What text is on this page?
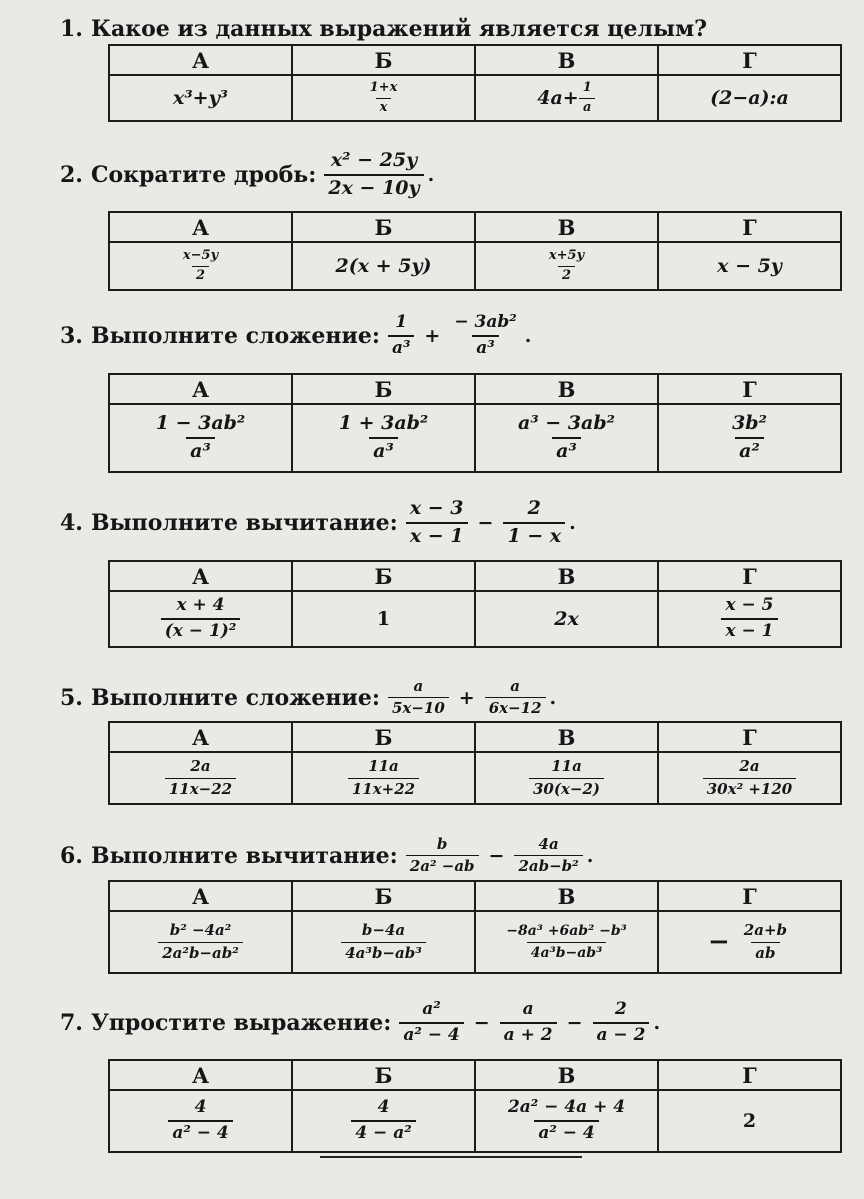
1. Какое из данных выражений является целым?
А	Б	В	Г
x³+y³	$\frac{1+x}{x}$	$4a+ \frac{1}{a}$	(2−a):a
2. Сократите дробь: $\frac{\text{x² − 25y}}{2x - 10y}$ .
А	Б	В	Г

$\frac{x-5y}{2}$	2(x + 5y)	$\frac{x+5y}{2}$	x − 5y
3. Выполните сложение: $\frac{1}{\text{a³}} + \frac{\text{− 3ab²}}{\text{a³}}$ .
А	Б	В	Г

$\frac{\text{1 − 3ab²}}{\text{a³}}$	$\frac{\text{1 + 3ab²}}{\text{a³}}$	$\frac{\text{a³ − 3ab²}}{\text{a³}}$	$\frac{\text{3b²}}{\text{a²}}$
4. Выполните вычитание: $\frac{x - 3}{x - 1} - \frac{2}{1 - x}$ .
А	Б	В	Г

$\frac{x + 4}{\text{(x − 1)²}}$	1	2x	$\frac{x - 5}{x - 1}$
5. Выполните сложение: $\frac{a}{5x-10} + \frac{a}{6x-12}$ .
А	Б	В	Г

$\frac{2a}{11x-22}$	$\frac{11a}{11x+22}$	$\frac{11a}{30(x-2)}$	$\frac{2a}{\text{30x² +120}}$
6. Выполните вычитание: $\frac{b}{\text{2a² −ab}} - \frac{4a}{\text{2ab−b²}}$ .
А	Б	В	Г

$\frac{\text{b² −4a²}}{\text{2a²b−ab²}}$	$\frac{b-4a}{\text{4a³b−ab³}}$	$\frac{\text{−8a³ +6ab² −b³}}{\text{4a³b−ab³}}$	− $\frac{2a+b}{ab}$
7. Упростите выражение: $\frac{\text{a²}}{\text{a² − 4}} - \frac{a}{a + 2} - \frac{2}{a - 2}$ .
А	Б	В	Г

$\frac{4}{\text{a² − 4}}$	$\frac{4}{\text{4 − a²}}$	$\frac{\text{2a² − 4a + 4}}{\text{a² − 4}}$	2
